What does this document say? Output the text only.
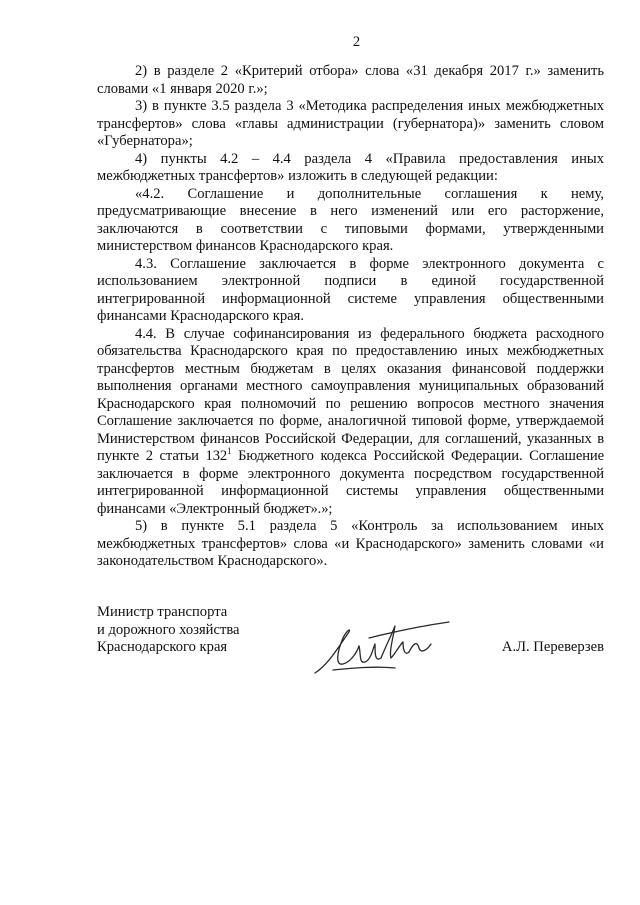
2

2) в разделе 2 «Критерий отбора» слова «31 декабря 2017 г.» заменить словами «1 января 2020 г.»;

3) в пункте 3.5 раздела 3 «Методика распределения иных межбюджетных трансфертов» слова «главы администрации (губернатора)» заменить словом «Губернатора»;

4) пункты 4.2 – 4.4 раздела 4 «Правила предоставления иных межбюджетных трансфертов» изложить в следующей редакции:

«4.2. Соглашение и дополнительные соглашения к нему, предусматривающие внесение в него изменений или его расторжение, заключаются в соответствии с типовыми формами, утвержденными министерством финансов Краснодарского края.

4.3. Соглашение заключается в форме электронного документа с использованием электронной подписи в единой государственной интегрированной информационной системе управления общественными финансами Краснодарского края.

4.4. В случае софинансирования из федерального бюджета расходного обязательства Краснодарского края по предоставлению иных межбюджетных трансфертов местным бюджетам в целях оказания финансовой поддержки выполнения органами местного самоуправления муниципальных образований Краснодарского края полномочий по решению вопросов местного значения Соглашение заключается по форме, аналогичной типовой форме, утверждаемой Министерством финансов Российской Федерации, для соглашений, указанных в пункте 2 статьи $132^1$ Бюджетного кодекса Российской Федерации. Соглашение заключается в форме электронного документа посредством государственной интегрированной информационной системы управления общественными финансами «Электронный бюджет».»;

5) в пункте 5.1 раздела 5 «Контроль за использованием иных межбюджетных трансфертов» слова «и Краснодарского» заменить словами «и законодательством Краснодарского».

Министр транспорта
и дорожного хозяйства
Краснодарского края	А.Л. Переверзев
